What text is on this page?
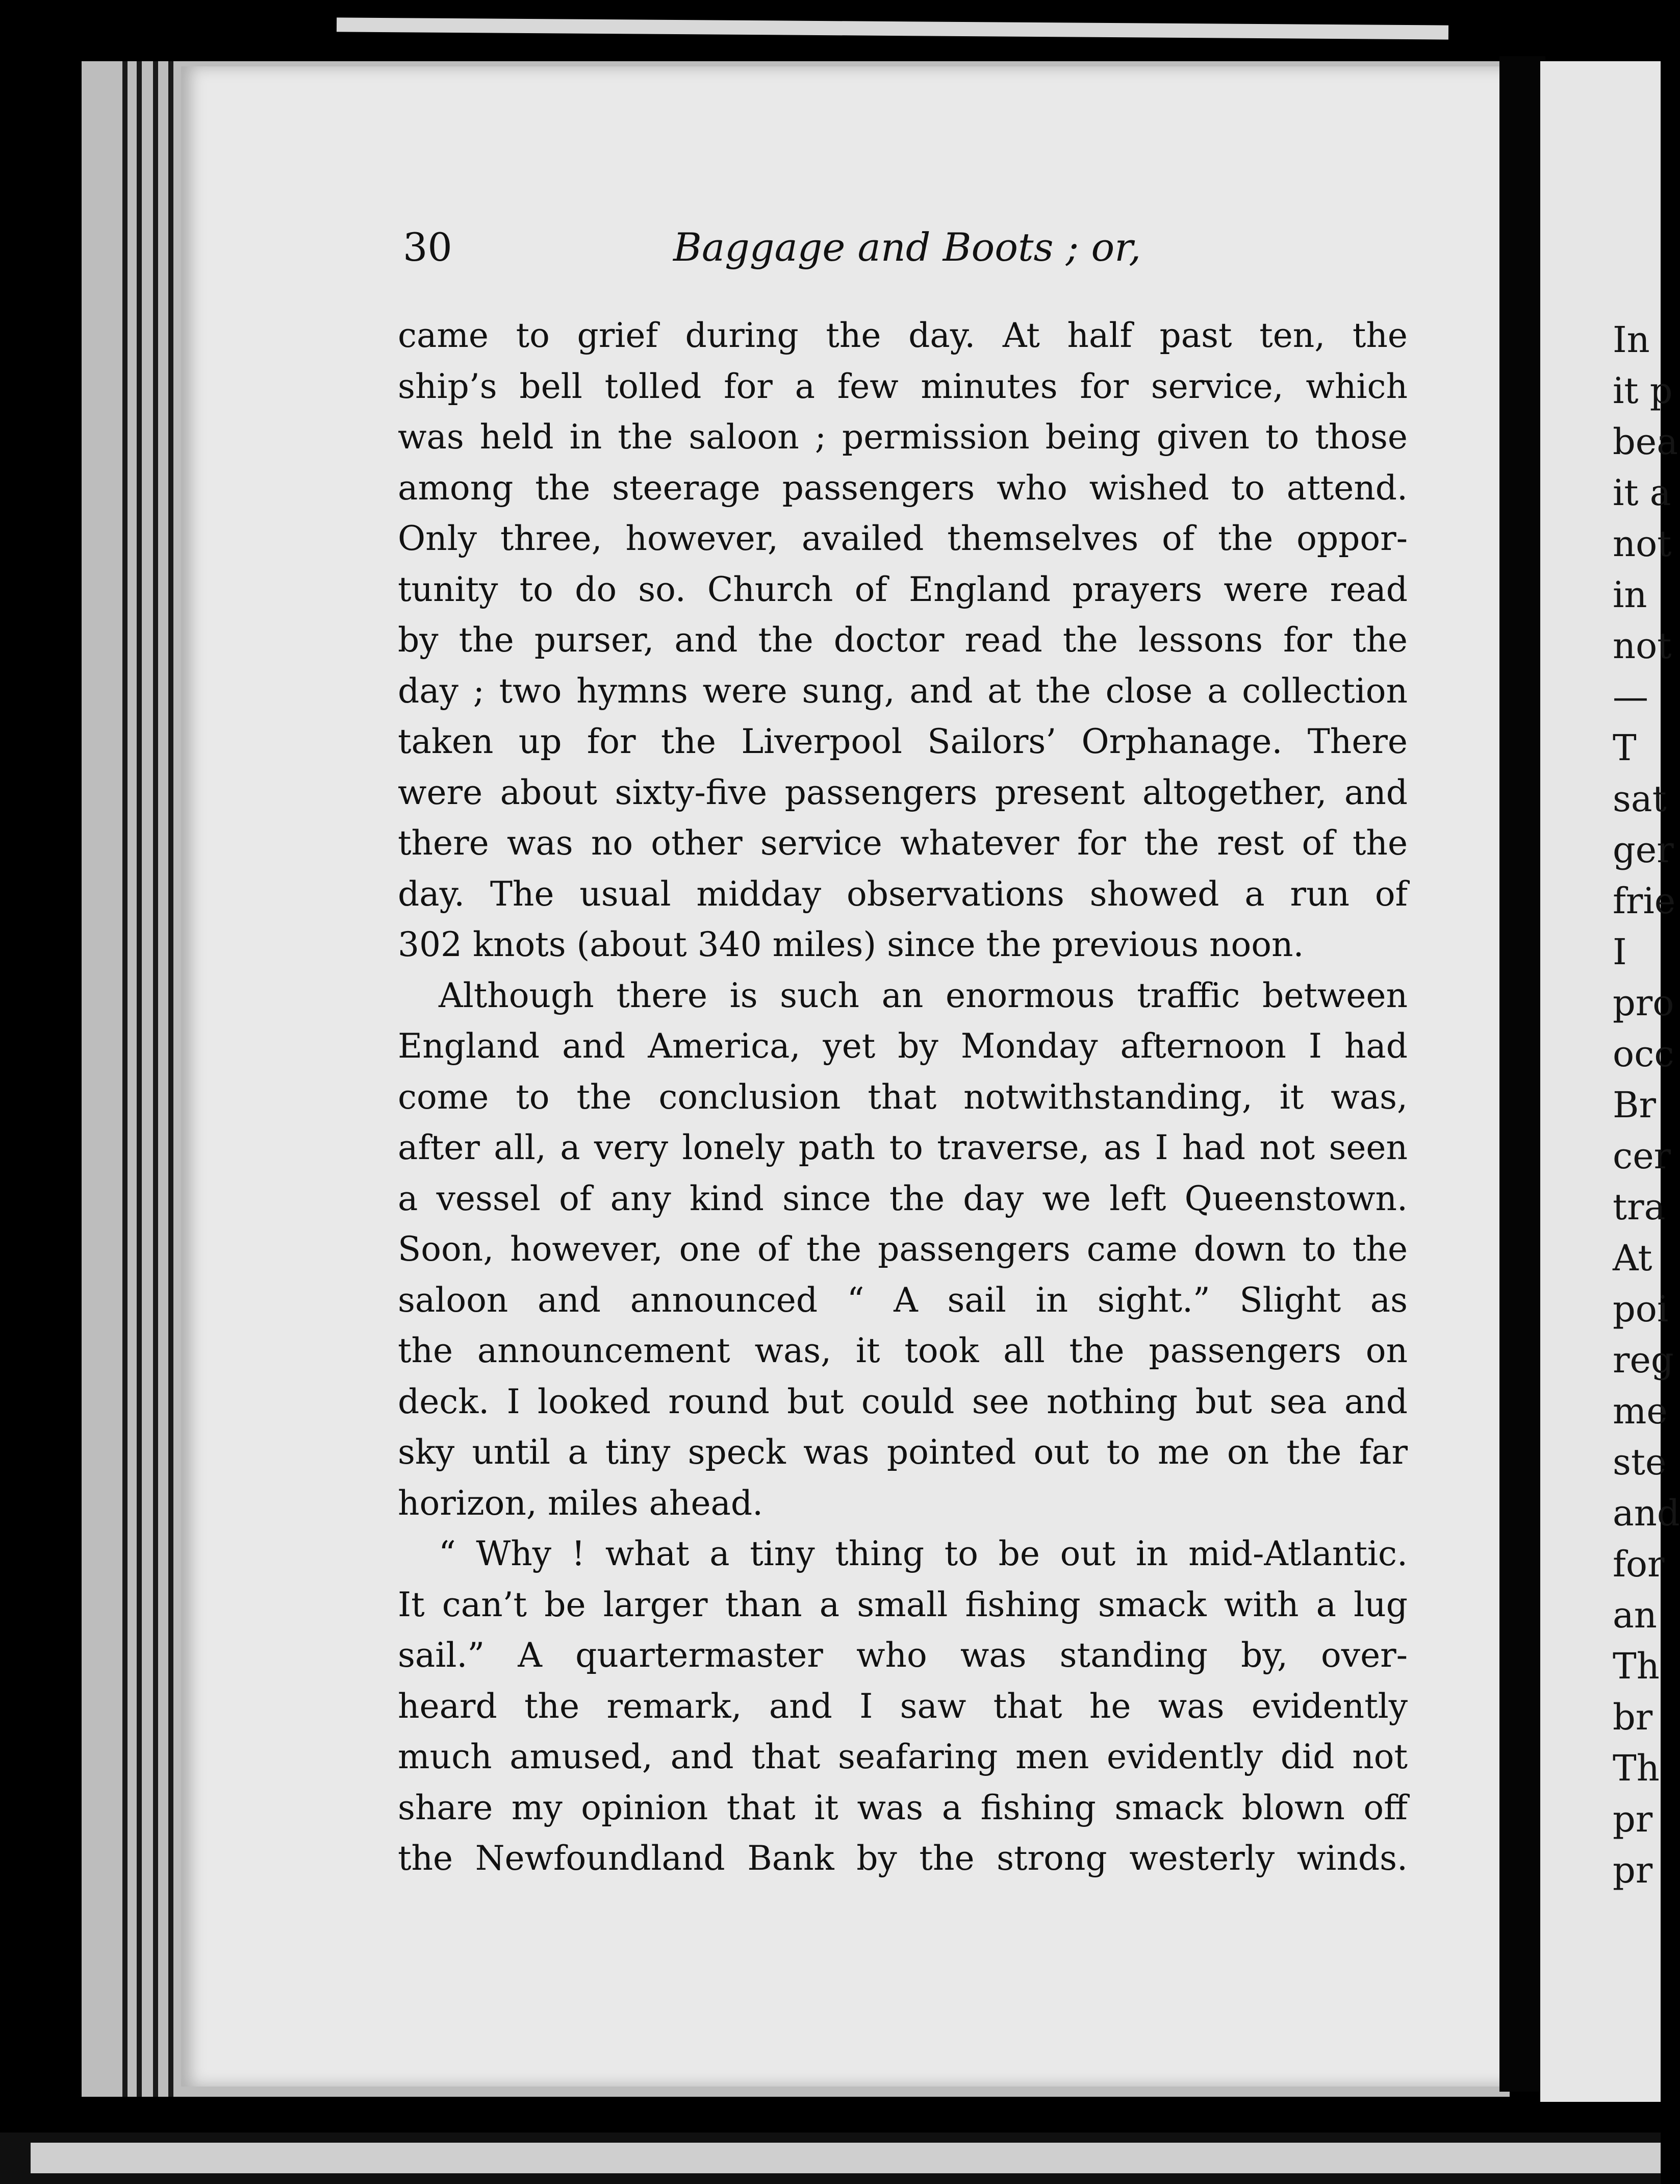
In
it p
bea
it a
not
in
not
—
T
sat
ger
frie
I
pro
occ
Br
cer
tra
At
poi
reg
me
ste
and
for
an
Th
br
Th
pr
pr
30	Baggage and Boots ; or,
came to grief during the day. At half past ten, the
ship’s bell tolled for a few minutes for service, which
was held in the saloon ; permission being given to those
among the steerage passengers who wished to attend.
Only three, however, availed themselves of the oppor-
tunity to do so. Church of England prayers were read
by the purser, and the doctor read the lessons for the
day ; two hymns were sung, and at the close a collection
taken up for the Liverpool Sailors’ Orphanage. There
were about sixty-five passengers present altogether, and
there was no other service whatever for the rest of the
day. The usual midday observations showed a run of
302 knots (about 340 miles) since the previous noon.
Although there is such an enormous traffic between
England and America, yet by Monday afternoon I had
come to the conclusion that notwithstanding, it was,
after all, a very lonely path to traverse, as I had not seen
a vessel of any kind since the day we left Queenstown.
Soon, however, one of the passengers came down to the
saloon and announced “ A sail in sight.” Slight as
the announcement was, it took all the passengers on
deck. I looked round but could see nothing but sea and
sky until a tiny speck was pointed out to me on the far
horizon, miles ahead.
“ Why ! what a tiny thing to be out in mid-Atlantic.
It can’t be larger than a small fishing smack with a lug
sail.” A quartermaster who was standing by, over-
heard the remark, and I saw that he was evidently
much amused, and that seafaring men evidently did not
share my opinion that it was a fishing smack blown off
the Newfoundland Bank by the strong westerly winds.
